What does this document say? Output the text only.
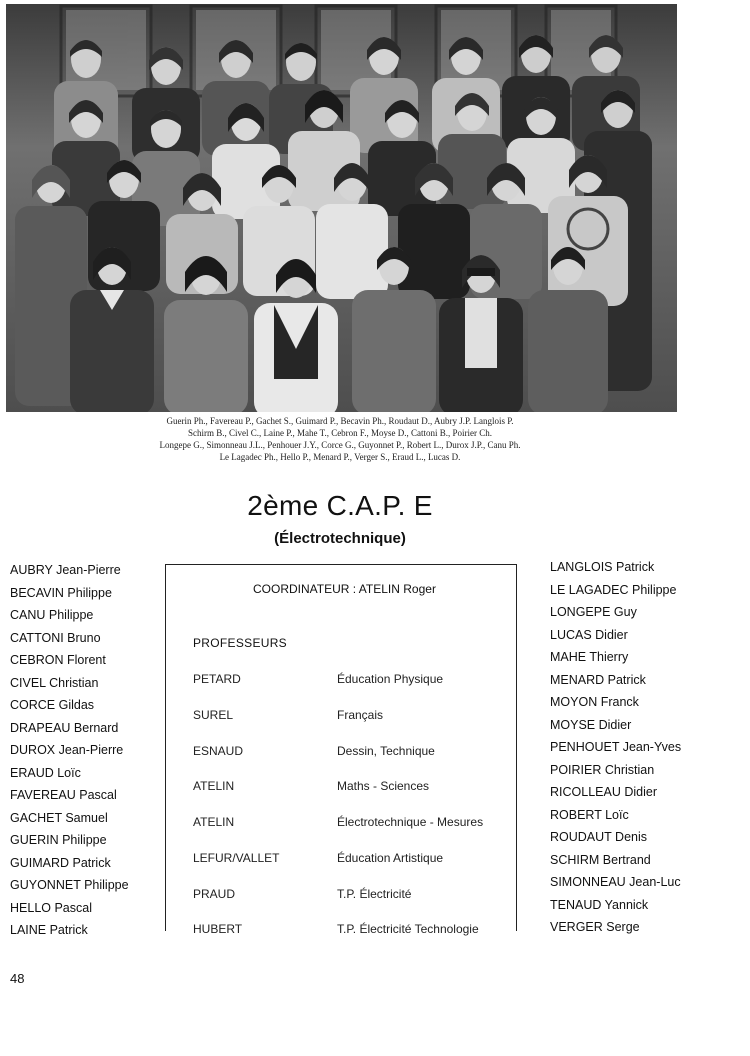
Guerin Ph., Favereau P., Gachet S., Guimard P., Becavin Ph., Roudaut D., Aubry J.P. Langlois P.
Schirm B., Civel C., Laine P., Mahe T., Cebron F., Moyse D., Cattoni B., Poirier Ch.
Longepe G., Simonneau J.L., Penhouer J.Y., Corce G., Guyonnet P., Robert L., Durox J.P., Canu Ph.
Le Lagadec Ph., Hello P., Menard P., Verger S., Eraud L., Lucas D.
2ème C.A.P. E
(Électrotechnique)
AUBRY Jean-Pierre
BECAVIN Philippe
CANU Philippe
CATTONI Bruno
CEBRON Florent
CIVEL Christian
CORCE Gildas
DRAPEAU Bernard
DUROX Jean-Pierre
ERAUD Loïc
FAVEREAU Pascal
GACHET Samuel
GUERIN Philippe
GUIMARD Patrick
GUYONNET Philippe
HELLO Pascal
LAINE Patrick
COORDINATEUR : ATELIN Roger
PROFESSEURS
PETARD	Éducation Physique
SUREL	Français
ESNAUD	Dessin, Technique
ATELIN	Maths - Sciences
ATELIN	Électrotechnique - Mesures
LEFUR/VALLET	Éducation Artistique
PRAUD	T.P. Électricité
HUBERT	T.P. Électricité Technologie
LANGLOIS Patrick
LE LAGADEC Philippe
LONGEPE Guy
LUCAS Didier
MAHE Thierry
MENARD Patrick
MOYON Franck
MOYSE Didier
PENHOUET Jean-Yves
POIRIER Christian
RICOLLEAU Didier
ROBERT Loïc
ROUDAUT Denis
SCHIRM Bertrand
SIMONNEAU Jean-Luc
TENAUD Yannick
VERGER Serge
48
